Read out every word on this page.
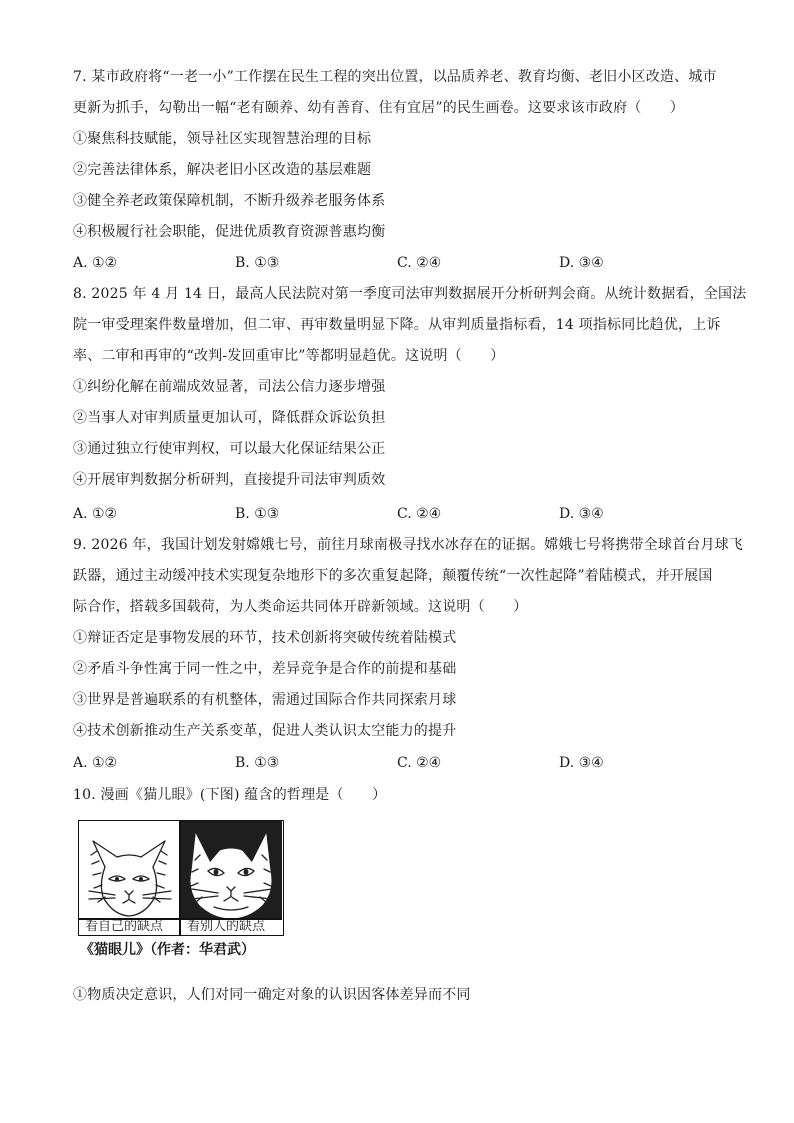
7. 某市政府将“一老一小”工作摆在民生工程的突出位置，以品质养老、教育均衡、老旧小区改造、城市
更新为抓手，勾勒出一幅“老有颐养、幼有善育、住有宜居”的民生画卷。这要求该市政府（　　）
①聚焦科技赋能，领导社区实现智慧治理的目标
②完善法律体系，解决老旧小区改造的基层难题
③健全养老政策保障机制，不断升级养老服务体系
④积极履行社会职能，促进优质教育资源普惠均衡
A. ①②	B. ①③	C. ②④	D. ③④
8. 2025 年 4 月 14 日，最高人民法院对第一季度司法审判数据展开分析研判会商。从统计数据看，全国法
院一审受理案件数量增加，但二审、再审数量明显下降。从审判质量指标看，14 项指标同比趋优，上诉
率、二审和再审的“改判-发回重审比”等都明显趋优。这说明（　　）
①纠纷化解在前端成效显著，司法公信力逐步增强
②当事人对审判质量更加认可，降低群众诉讼负担
③通过独立行使审判权，可以最大化保证结果公正
④开展审判数据分析研判，直接提升司法审判质效
A. ①②	B. ①③	C. ②④	D. ③④
9. 2026 年，我国计划发射嫦娥七号，前往月球南极寻找水冰存在的证据。嫦娥七号将携带全球首台月球飞
跃器，通过主动缓冲技术实现复杂地形下的多次重复起降，颠覆传统“一次性起降”着陆模式，并开展国
际合作，搭载多国载荷，为人类命运共同体开辟新领域。这说明（　　）
①辩证否定是事物发展的环节，技术创新将突破传统着陆模式
②矛盾斗争性寓于同一性之中，差异竞争是合作的前提和基础
③世界是普遍联系的有机整体，需通过国际合作共同探索月球
④技术创新推动生产关系变革，促进人类认识太空能力的提升
A. ①②	B. ①③	C. ②④	D. ③④
10. 漫画《猫儿眼》(下图) 蕴含的哲理是（　　）
看自己的缺点 看别人的缺点
《猫眼儿》（作者：华君武）
①物质决定意识，人们对同一确定对象的认识因客体差异而不同
